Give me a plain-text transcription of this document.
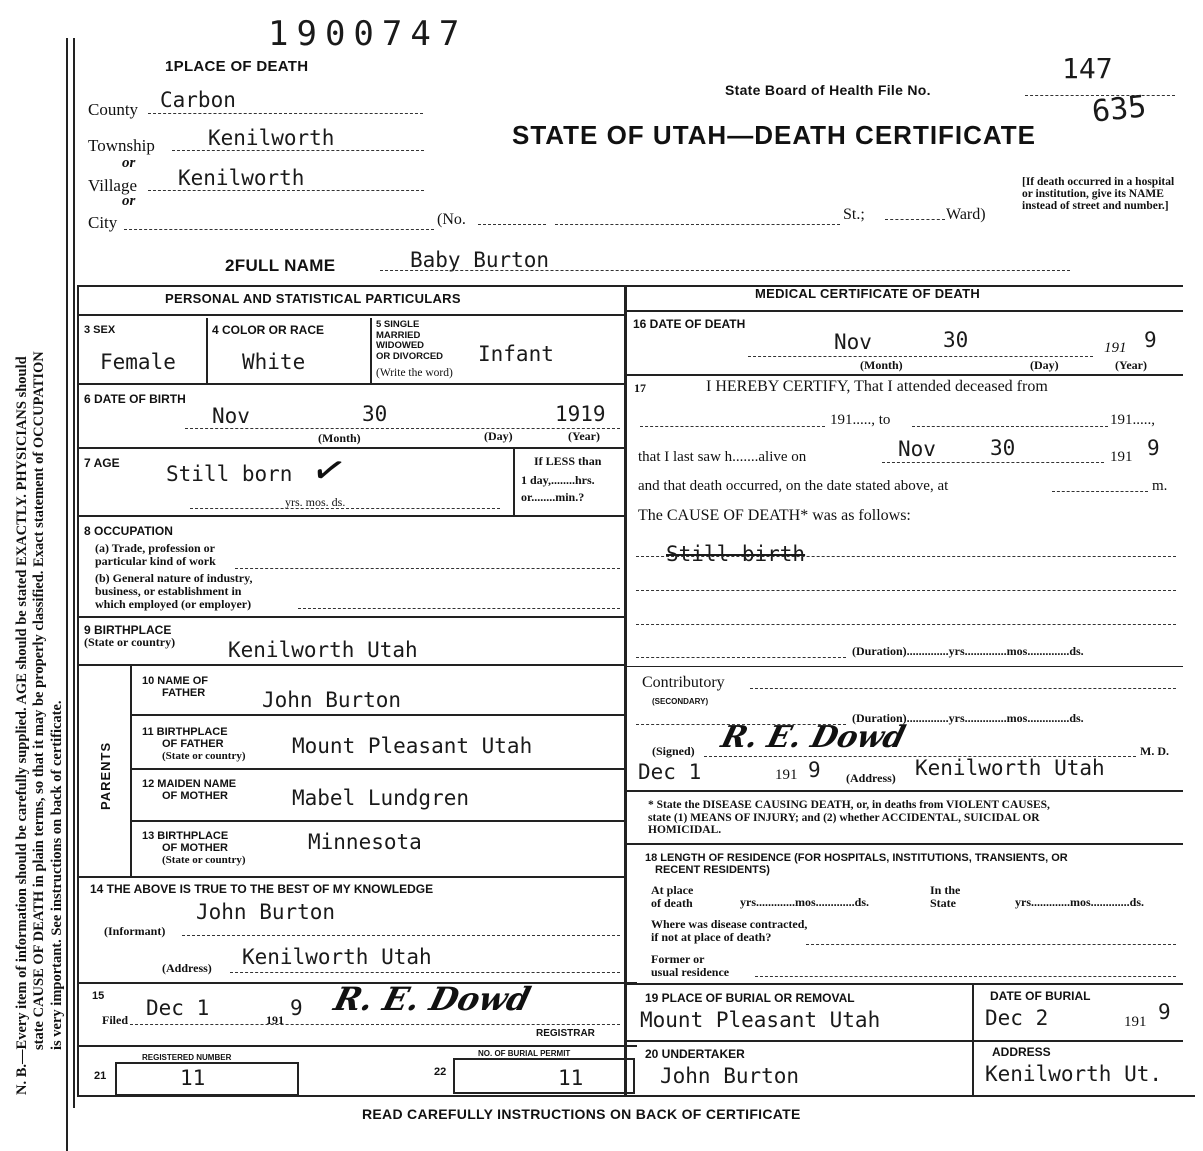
N. B.—Every item of information should be carefully supplied. AGE should be stated EXACTLY. PHYSICIANS should state CAUSE OF DEATH in plain terms, so that it may be properly classified. Exact statement of OCCUPATION is very important. See instructions on back of certificate.
1900747
1PLACE OF DEATH	147
State Board of Health File No.	635
STATE OF UTAH—DEATH CERTIFICATE
[If death occurred in a hospital or institution, give its NAME instead of street and number.]
County Carbon
Township	Kenilworth
or
Village Kenilworth
or
City	(No.	St.;	Ward)
2FULL NAME	Baby Burton
PERSONAL AND STATISTICAL PARTICULARS
3 SEX
Female
4 COLOR OR RACE
White
5 SINGLE
MARRIED
WIDOWED
OR DIVORCED
(Write the word)
Infant
6 DATE OF BIRTH
Nov	30	1919
(Month)	(Day)	(Year)
7 AGE Still born ✓
yrs. mos. ds.
If LESS than
1 day,........hrs.
or........min.?
8 OCCUPATION
(a) Trade, profession or
particular kind of work
(b) General nature of industry,
business, or establishment in
which employed (or employer)
9 BIRTHPLACE
(State or country)	Kenilworth Utah
PARENTS
10 NAME OF
FATHER	John Burton
11 BIRTHPLACE
OF FATHER
(State or country) Mount Pleasant Utah
12 MAIDEN NAME
OF MOTHER	Mabel Lundgren
13 BIRTHPLACE
OF MOTHER
(State or country)
Minnesota
14 THE ABOVE IS TRUE TO THE BEST OF MY KNOWLEDGE
John Burton
(Informant)
(Address) Kenilworth Utah
15
Filed Dec 1	191 9 R. E. Dowd
REGISTRAR
REGISTERED NUMBER	NO. OF BURIAL PERMIT
21	11	22	11
MEDICAL CERTIFICATE OF DEATH
16 DATE OF DEATH
Nov	30	191 9
(Month)	(Day)	(Year)
17	I HEREBY CERTIFY, That I attended deceased from
191....., to	191.....,
that I last saw h.......alive on	Nov	30	191 9
and that death occurred, on the date stated above, at	m.
The CAUSE OF DEATH* was as follows:
Still birth
(Duration)..............yrs..............mos..............ds.
Contributory
(SECONDARY)
(Duration)..............yrs..............mos..............ds.
(Signed) R. E. Dowd	M. D.
Dec 1	191 9 (Address) Kenilworth Utah
* State the DISEASE CAUSING DEATH, or, in deaths from VIOLENT CAUSES,
state (1) MEANS OF INJURY; and (2) whether ACCIDENTAL, SUICIDAL OR
HOMICIDAL.
18 LENGTH OF RESIDENCE (FOR HOSPITALS, INSTITUTIONS, TRANSIENTS, OR
RECENT RESIDENTS)
At place
of death	yrs.............mos.............ds.
In the
State	yrs.............mos.............ds.
Where was disease contracted,
if not at place of death?
Former or
usual residence
19 PLACE OF BURIAL OR REMOVAL
Mount Pleasant Utah
DATE OF BURIAL
Dec 2	191 9
20 UNDERTAKER
John Burton
ADDRESS
Kenilworth Ut.
READ CAREFULLY INSTRUCTIONS ON BACK OF CERTIFICATE
